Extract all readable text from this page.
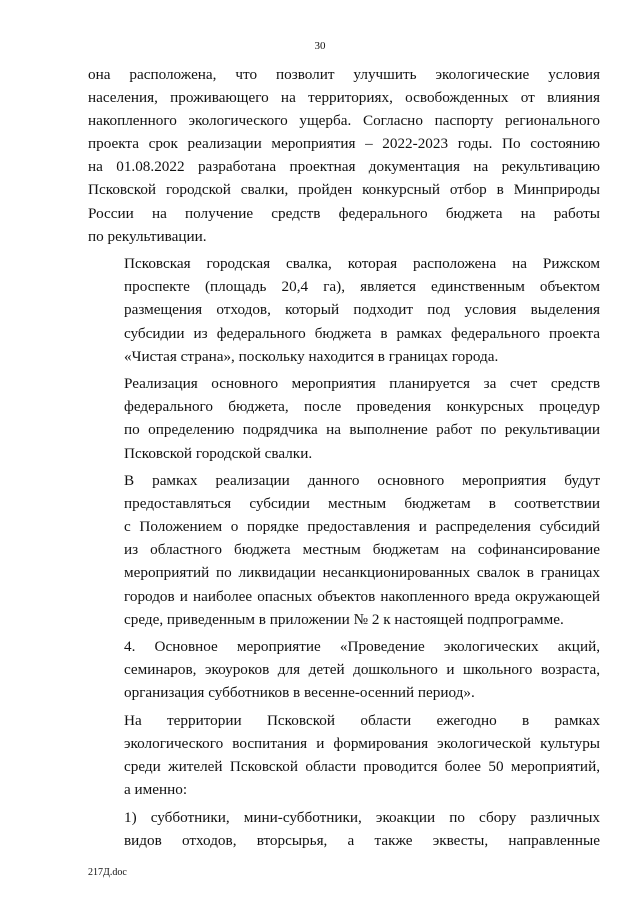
30
она расположена, что позволит улучшить экологические условия
населения, проживающего на территориях, освобожденных от влияния
накопленного экологического ущерба. Согласно паспорту регионального
проекта срок реализации мероприятия – 2022-2023 годы. По состоянию
на 01.08.2022 разработана проектная документация на рекультивацию
Псковской городской свалки, пройден конкурсный отбор в Минприроды
России на получение средств федерального бюджета на работы
по рекультивации.
Псковская городская свалка, которая расположена на Рижском
проспекте (площадь 20,4 га), является единственным объектом
размещения отходов, который подходит под условия выделения
субсидии из федерального бюджета в рамках федерального проекта
«Чистая страна», поскольку находится в границах города.
Реализация основного мероприятия планируется за счет средств
федерального бюджета, после проведения конкурсных процедур
по определению подрядчика на выполнение работ по рекультивации
Псковской городской свалки.
В рамках реализации данного основного мероприятия будут
предоставляться субсидии местным бюджетам в соответствии
с Положением о порядке предоставления и распределения субсидий
из областного бюджета местным бюджетам на софинансирование
мероприятий по ликвидации несанкционированных свалок в границах
городов и наиболее опасных объектов накопленного вреда окружающей
среде, приведенным в приложении № 2 к настоящей подпрограмме.
4. Основное мероприятие «Проведение экологических акций,
семинаров, экоуроков для детей дошкольного и школьного возраста,
организация субботников в весенне-осенний период».
На территории Псковской области ежегодно в рамках
экологического воспитания и формирования экологической культуры
среди жителей Псковской области проводится более 50 мероприятий,
а именно:
1) субботники, мини-субботники, экоакции по сбору различных
видов отходов, вторсырья, а также эквесты, направленные
217Д.doc
